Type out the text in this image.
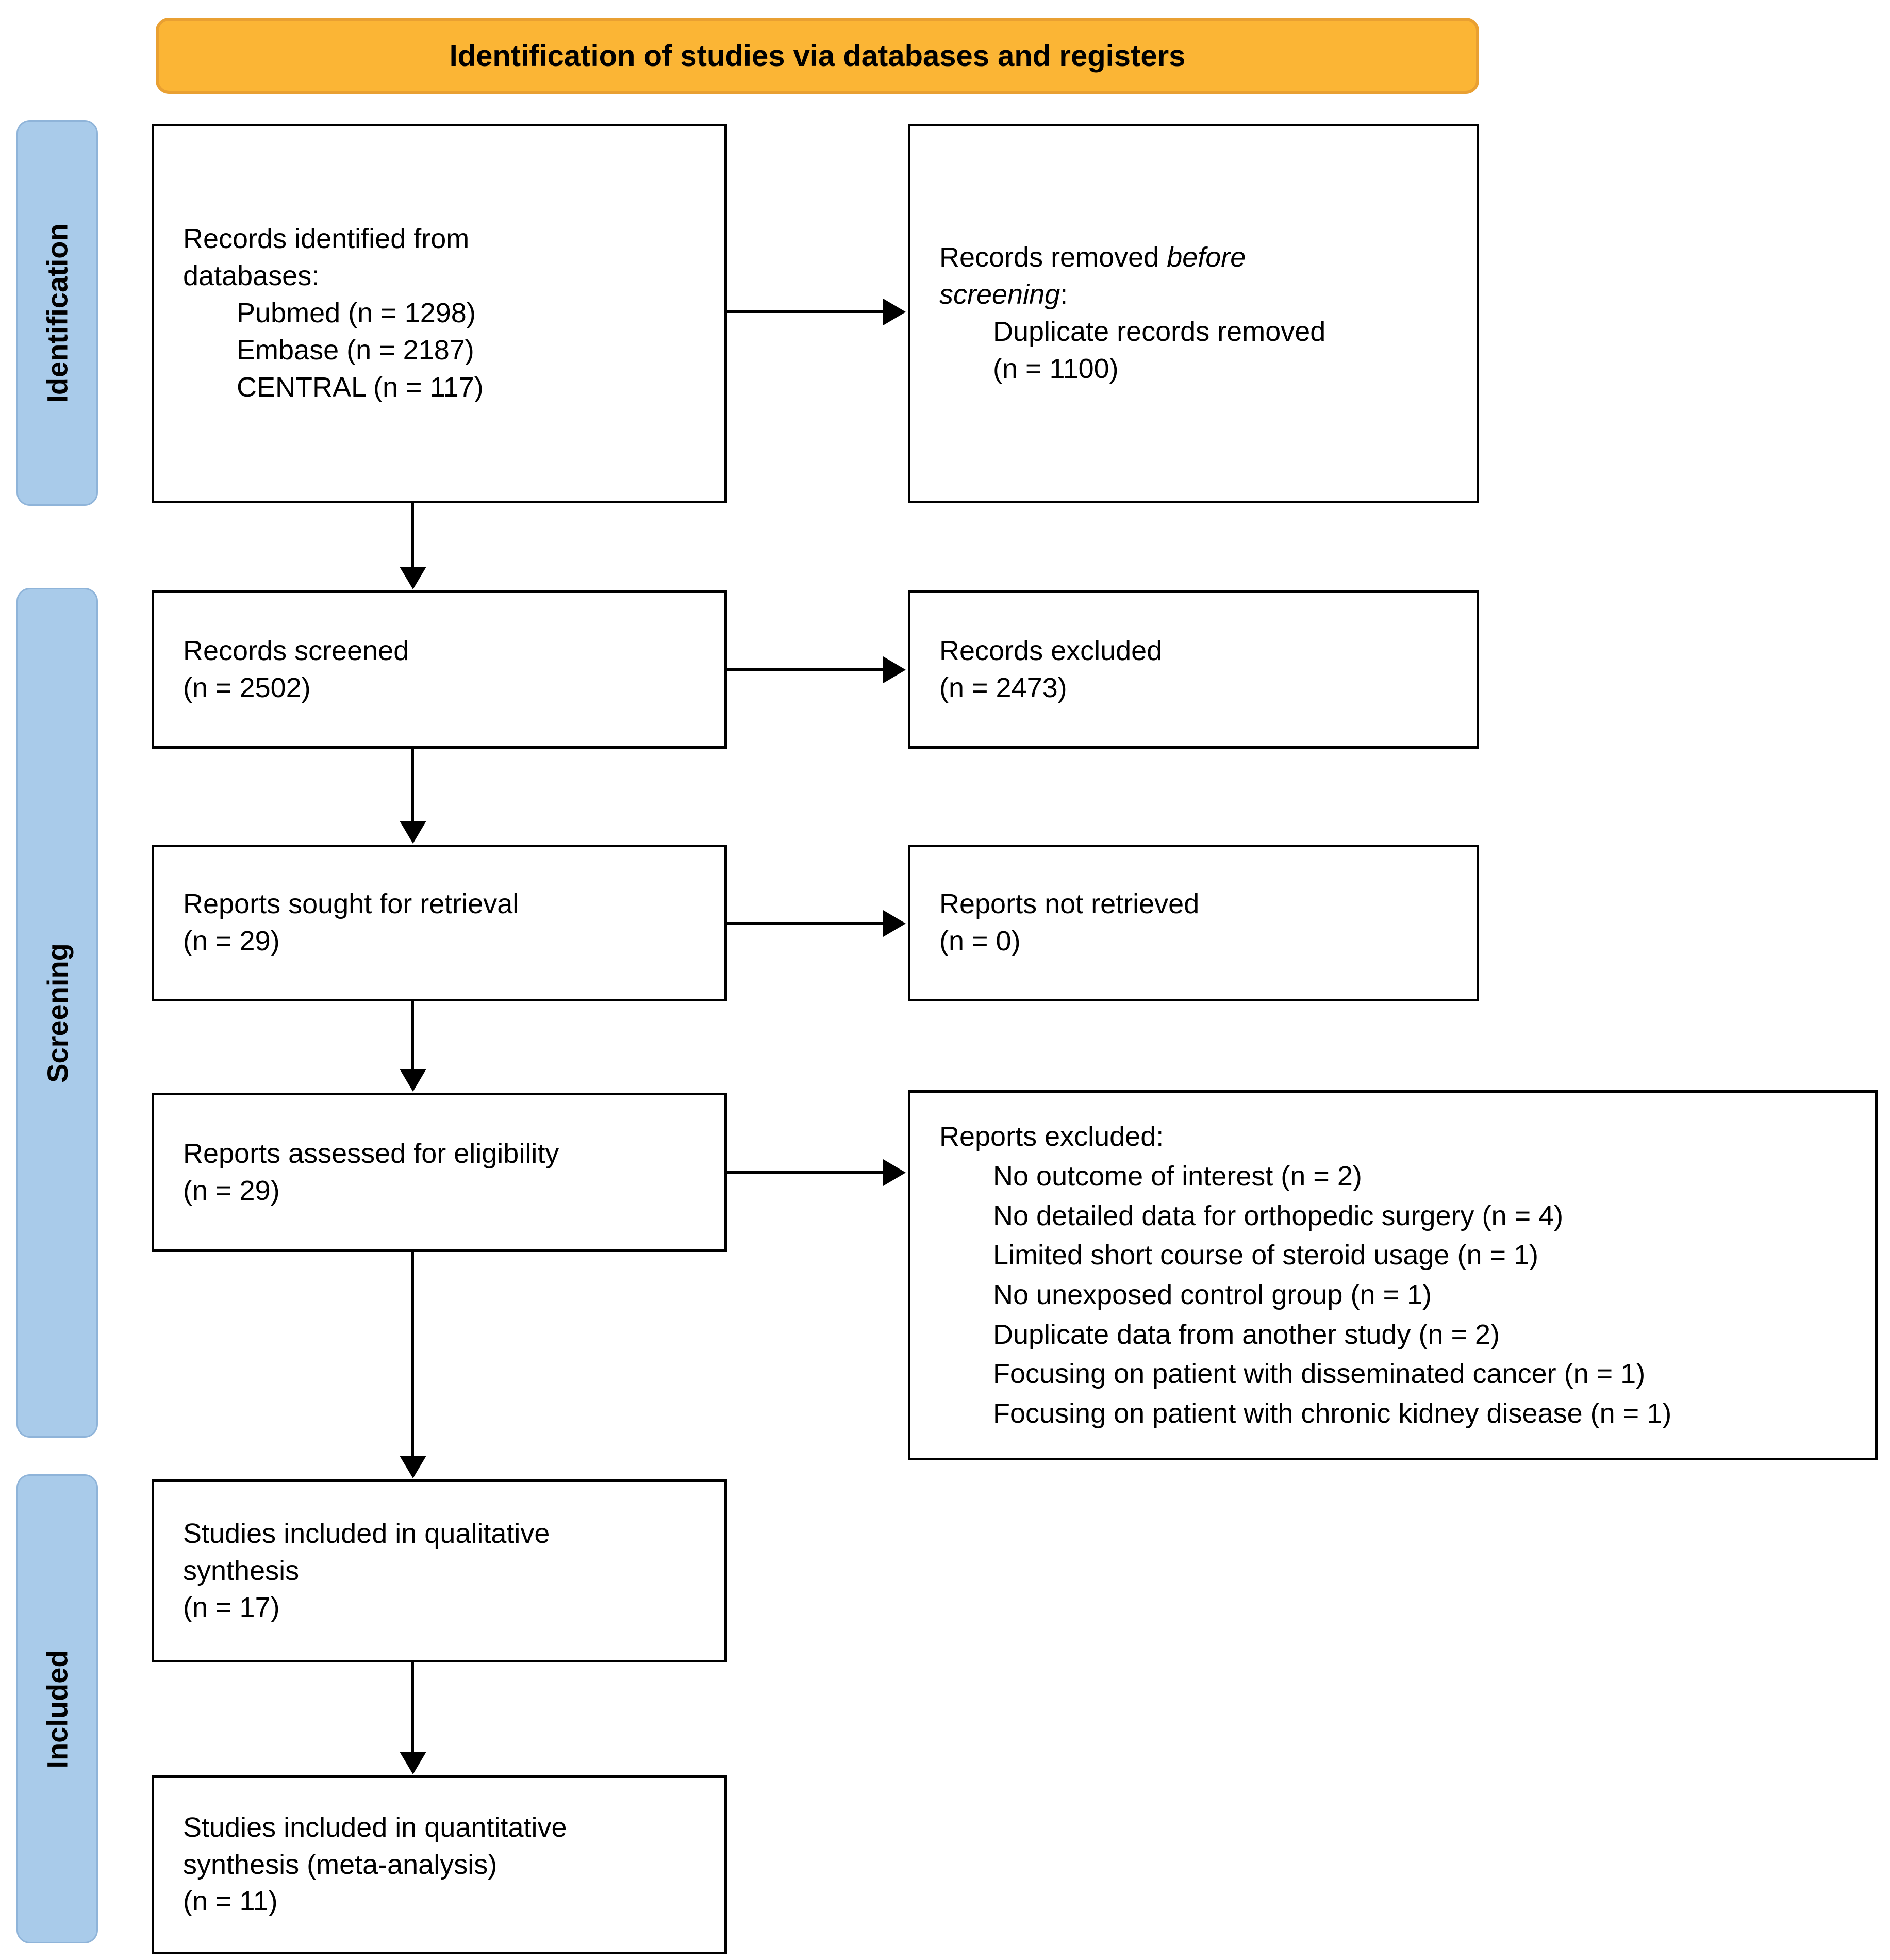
Identification of studies via databases and registers
Identification
Screening
Included
Records identified from
databases:
Pubmed (n = 1298)
Embase (n = 2187)
CENTRAL (n = 117)
Records removed before
screening:
Duplicate records removed
(n = 1100)
Records screened
(n = 2502)
Records excluded
(n = 2473)
Reports sought for retrieval
(n = 29)
Reports not retrieved
(n = 0)
Reports assessed for eligibility
(n = 29)
Reports excluded:
No outcome of interest (n = 2)
No detailed data for orthopedic surgery (n = 4)
Limited short course of steroid usage (n = 1)
No unexposed control group (n = 1)
Duplicate data from another study (n = 2)
Focusing on patient with disseminated cancer (n = 1)
Focusing on patient with chronic kidney disease (n = 1)
Studies included in qualitative
synthesis
(n = 17)
Studies included in quantitative
synthesis (meta-analysis)
(n = 11)
